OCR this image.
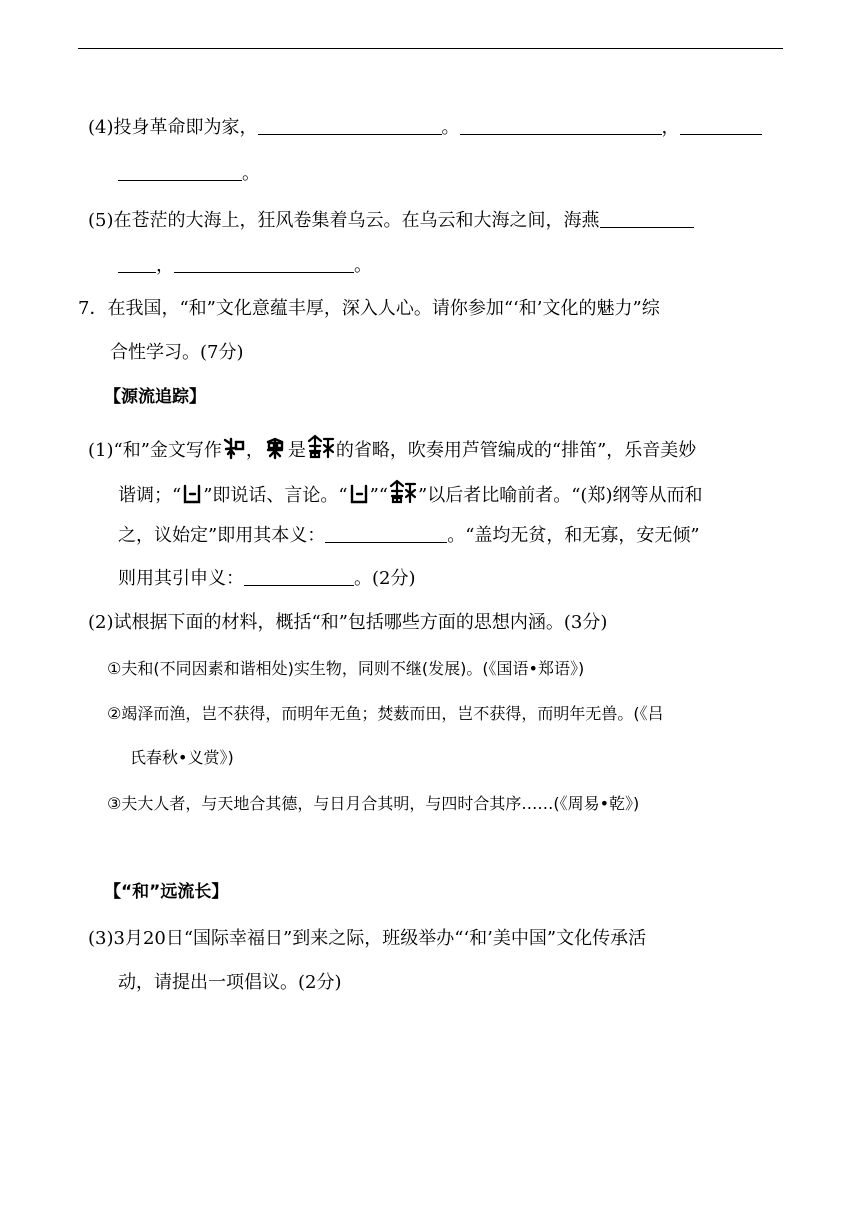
(4)投身革命即为家，	。	，
。
(5)在苍茫的大海上，狂风卷集着乌云。在乌云和大海之间，海燕
，	。
7．在我国，“和”文化意蕴丰厚，深入人心。请你参加“‘和’文化的魅力”综
合性学习。(7分)
【源流追踪】
(1)“和”金文写作 ， 是 的省略，吹奏用芦管编成的“排笛”，乐音美妙
谐调；“ ”即说话、言论。“ ”“ ”以后者比喻前者。“(郑)纲等从而和
之，议始定”即用其本义：	。“盖均无贫，和无寡，安无倾”
则用其引申义：	。(2分)
(2)试根据下面的材料，概括“和”包括哪些方面的思想内涵。(3分)
①夫和(不同因素和谐相处)实生物，同则不继(发展)。(《国语•郑语》)
②竭泽而渔，岂不获得，而明年无鱼；焚薮而田，岂不获得，而明年无兽。(《吕
氏春秋•义赏》)
③夫大人者，与天地合其德，与日月合其明，与四时合其序……(《周易•乾》)
【“和”远流长】
(3)3月20日“国际幸福日”到来之际，班级举办“‘和’美中国”文化传承活
动，请提出一项倡议。(2分)
